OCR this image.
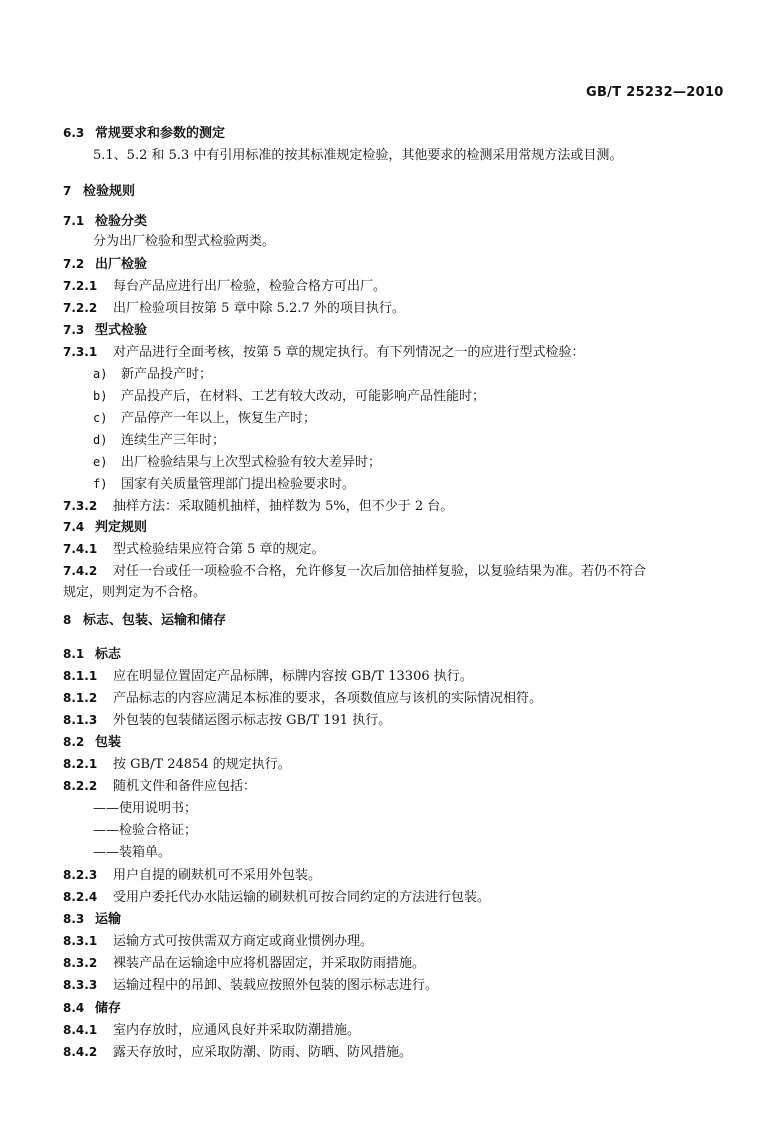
GB/T 25232—2010
6.3 常规要求和参数的测定
5.1、5.2 和 5.3 中有引用标准的按其标准规定检验，其他要求的检测采用常规方法或目测。
7 检验规则
7.1 检验分类
分为出厂检验和型式检验两类。
7.2 出厂检验
7.2.1 每台产品应进行出厂检验，检验合格方可出厂。
7.2.2 出厂检验项目按第 5 章中除 5.2.7 外的项目执行。
7.3 型式检验
7.3.1 对产品进行全面考核，按第 5 章的规定执行。有下列情况之一的应进行型式检验：
a) 新产品投产时；
b) 产品投产后，在材料、工艺有较大改动，可能影响产品性能时；
c) 产品停产一年以上，恢复生产时；
d) 连续生产三年时；
e) 出厂检验结果与上次型式检验有较大差异时；
f) 国家有关质量管理部门提出检验要求时。
7.3.2 抽样方法：采取随机抽样，抽样数为 5%，但不少于 2 台。
7.4 判定规则
7.4.1 型式检验结果应符合第 5 章的规定。
7.4.2 对任一台或任一项检验不合格，允许修复一次后加倍抽样复验，以复验结果为准。若仍不符合
规定，则判定为不合格。
8 标志、包装、运输和储存
8.1 标志
8.1.1 应在明显位置固定产品标牌，标牌内容按 GB/T 13306 执行。
8.1.2 产品标志的内容应满足本标准的要求，各项数值应与该机的实际情况相符。
8.1.3 外包装的包装储运图示标志按 GB/T 191 执行。
8.2 包装
8.2.1 按 GB/T 24854 的规定执行。
8.2.2 随机文件和备件应包括：
——使用说明书；
——检验合格证；
——装箱单。
8.2.3 用户自提的刷麸机可不采用外包装。
8.2.4 受用户委托代办水陆运输的刷麸机可按合同约定的方法进行包装。
8.3 运输
8.3.1 运输方式可按供需双方商定或商业惯例办理。
8.3.2 裸装产品在运输途中应将机器固定，并采取防雨措施。
8.3.3 运输过程中的吊卸、装载应按照外包装的图示标志进行。
8.4 储存
8.4.1 室内存放时，应通风良好并采取防潮措施。
8.4.2 露天存放时，应采取防潮、防雨、防晒、防风措施。
